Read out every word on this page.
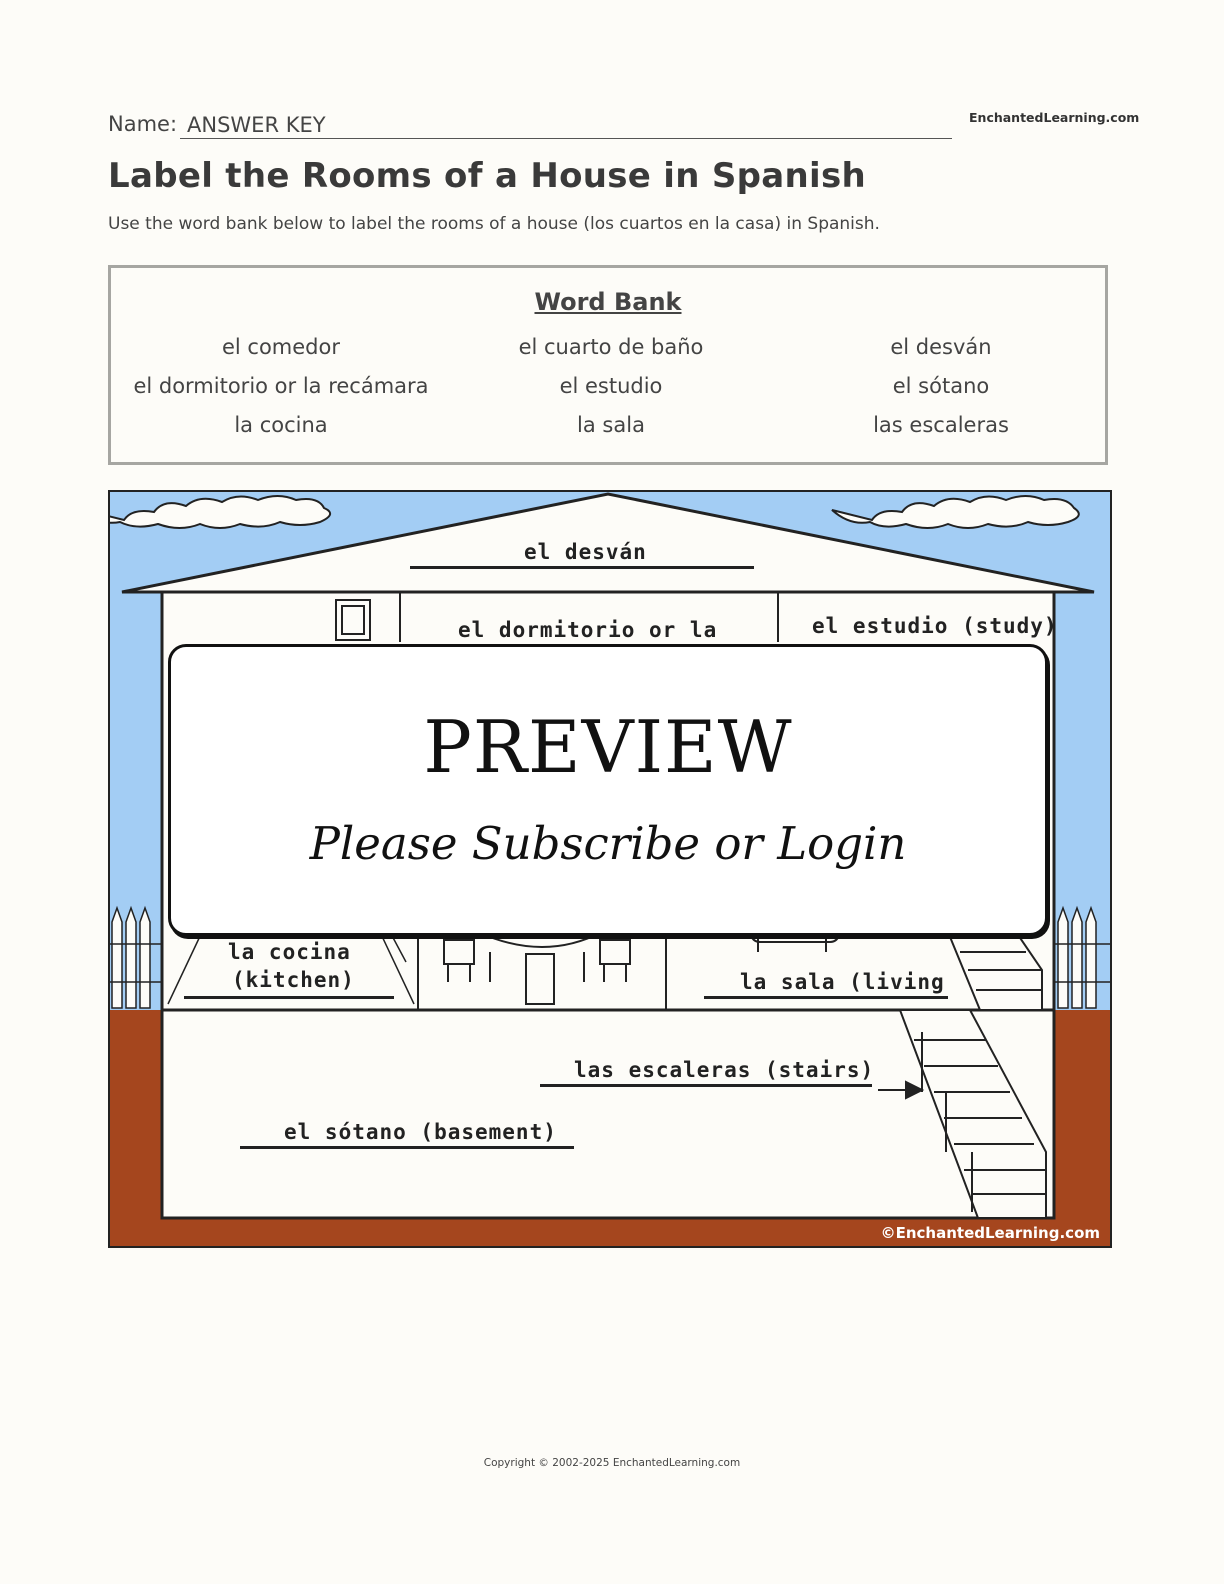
Name: ANSWER KEY	EnchantedLearning.com
Label the Rooms of a House in Spanish
Use the word bank below to label the rooms of a house (los cuartos en la casa) in Spanish.
Word Bank
el comedor	el cuarto de baño	el desván
el dormitorio or la recámara	el estudio	el sótano
la cocina	la sala	las escaleras
el desván
el dormitorio or la	el estudio (study)
la cocina
(kitchen)	la sala (living
las escaleras (stairs)
el sótano (basement)
©EnchantedLearning.com
PREVIEW
Please Subscribe or Login
Copyright © 2002-2025 EnchantedLearning.com
